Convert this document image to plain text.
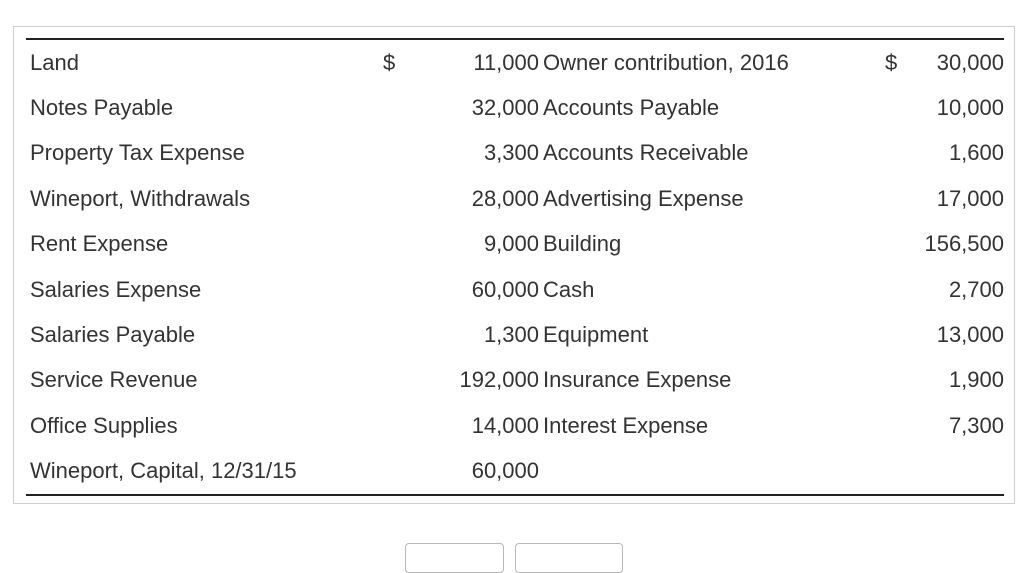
Land	$	11,000 Owner contribution, 2016	$	30,000
Notes Payable	32,000 Accounts Payable	10,000
Property Tax Expense	3,300 Accounts Receivable	1,600
Wineport, Withdrawals	28,000 Advertising Expense	17,000
Rent Expense	9,000 Building	156,500
Salaries Expense	60,000 Cash	2,700
Salaries Payable	1,300 Equipment	13,000
Service Revenue	192,000 Insurance Expense	1,900
Office Supplies	14,000 Interest Expense	7,300
Wineport, Capital, 12/31/15	60,000
